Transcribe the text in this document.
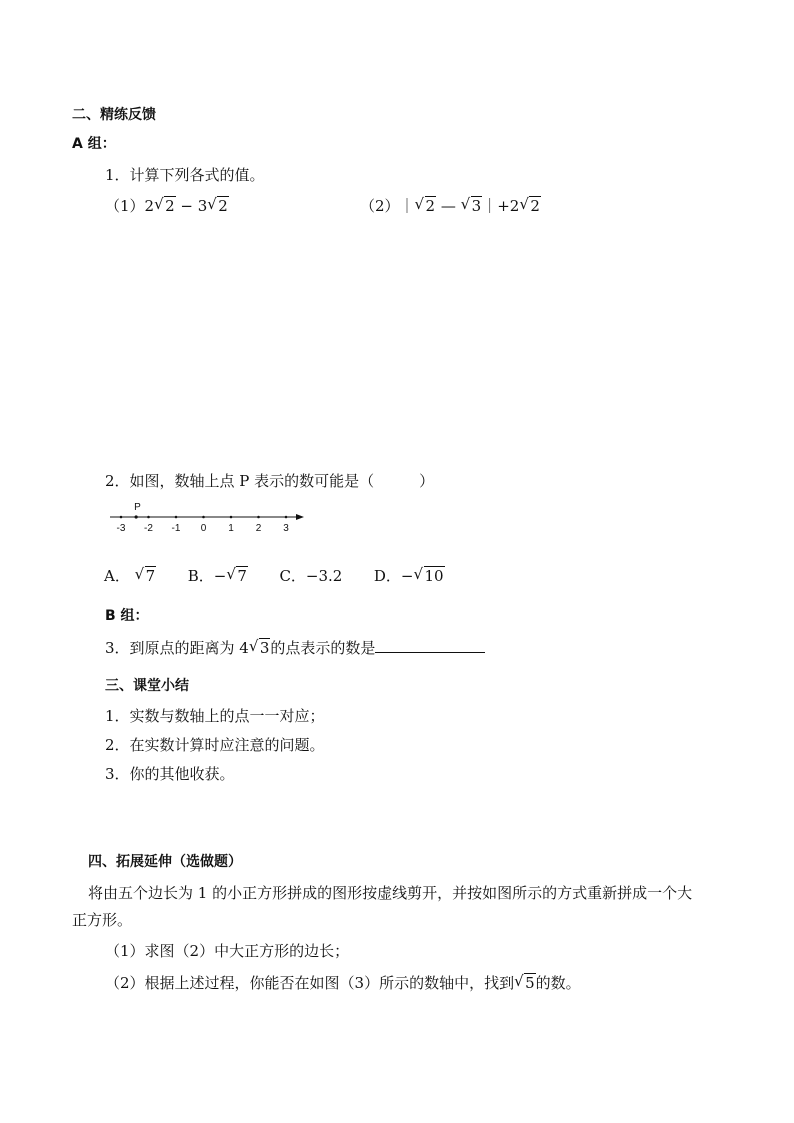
二、精练反馈
A 组：
1．计算下列各式的值。
（1）2 √ 2 − 3 √ 2	（2）｜ √ 2 — √ 3｜+2 √ 2
2．如图，数轴上点 P 表示的数可能是（　　　）
-3 -2 -1 0 1 2 3
P
A． √ 7 B．− √ 7 C．−3.2 D．− √ 10
B 组：
3．到原点的距离为 4 √ 3的点表示的数是
三、课堂小结
1．实数与数轴上的点一一对应；
2．在实数计算时应注意的问题。
3．你的其他收获。
四、拓展延伸（选做题）
将由五个边长为 1 的小正方形拼成的图形按虚线剪开，并按如图所示的方式重新拼成一个大
正方形。
（1）求图（2）中大正方形的边长；
（2）根据上述过程，你能否在如图（3）所示的数轴中，找到 √ 5的数。
